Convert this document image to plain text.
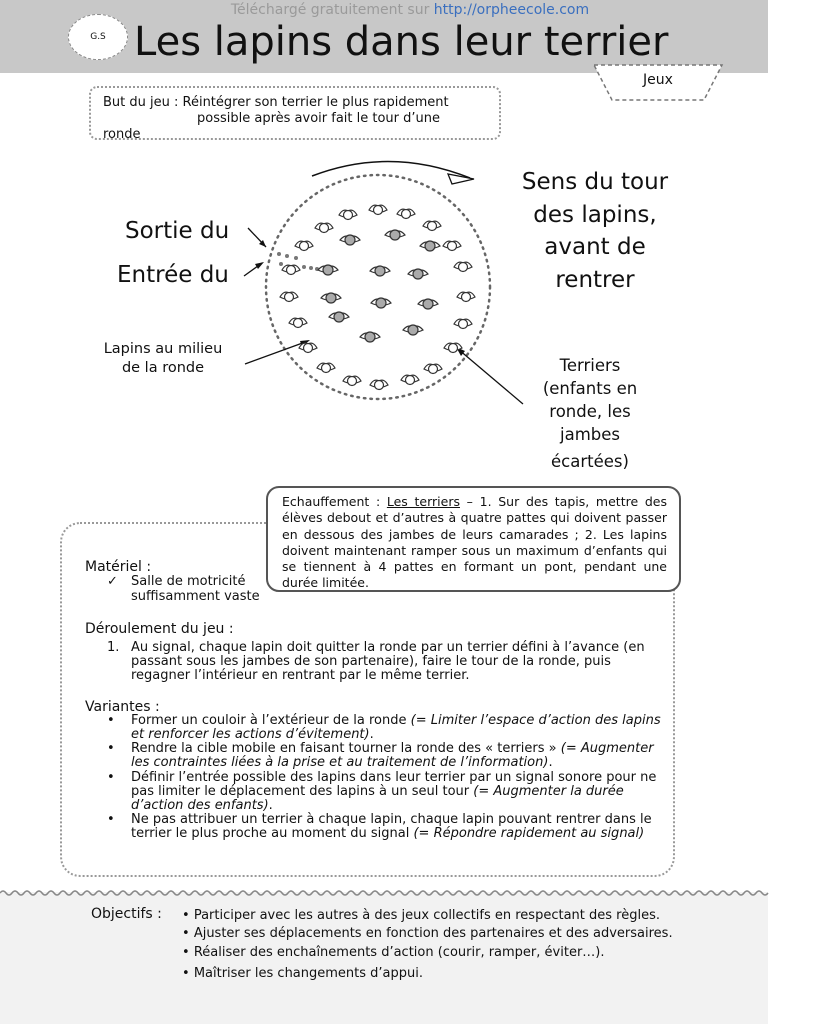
Téléchargé gratuitement sur http://orpheecole.com
G.S Les lapins dans leur terrier
Jeux
But du jeu : Réintégrer son terrier le plus rapidement
possible après avoir fait le tour d’une
ronde
Sortie du
Entrée du
Sens du tour
des lapins,
avant de
rentrer
Lapins au milieu
de la ronde	Terriers
(enfants en
ronde, les
jambes
écartées)
Echauffement : Les terriers – 1. Sur des tapis, mettre des élèves debout et d’autres à quatre pattes qui doivent passer en dessous des jambes de leurs camarades ; 2. Les lapins doivent maintenant ramper sous un maximum d’enfants qui se tiennent à 4 pattes en formant un pont, pendant une durée limitée.
Matériel :
✓ Salle de motricité
suffisamment vaste
Déroulement du jeu :
1. Au signal, chaque lapin doit quitter la ronde par un terrier défini à l’avance (en
passant sous les jambes de son partenaire), faire le tour de la ronde, puis
regagner l’intérieur en rentrant par le même terrier.
Variantes :
• Former un couloir à l’extérieur de la ronde (= Limiter l’espace d’action des lapins
et renforcer les actions d’évitement).
• Rendre la cible mobile en faisant tourner la ronde des « terriers » (= Augmenter
les contraintes liées à la prise et au traitement de l’information).
• Définir l’entrée possible des lapins dans leur terrier par un signal sonore pour ne
pas limiter le déplacement des lapins à un seul tour (= Augmenter la durée
d’action des enfants).
• Ne pas attribuer un terrier à chaque lapin, chaque lapin pouvant rentrer dans le
terrier le plus proche au moment du signal (= Répondre rapidement au signal)
Objectifs : • Participer avec les autres à des jeux collectifs en respectant des règles.
• Ajuster ses déplacements en fonction des partenaires et des adversaires.
• Réaliser des enchaînements d’action (courir, ramper, éviter…).
• Maîtriser les changements d’appui.
